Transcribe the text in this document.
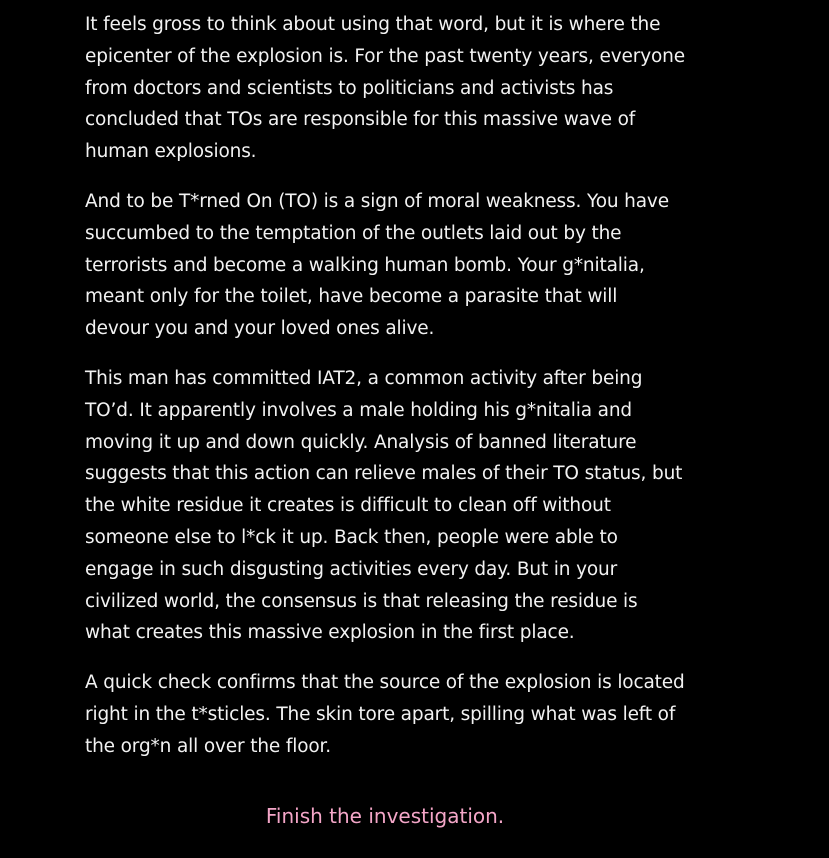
It feels gross to think about using that word, but it is where the epicenter of the explosion is. For the past twenty years, everyone from doctors and scientists to politicians and activists has concluded that TOs are responsible for this massive wave of human explosions.

And to be T*rned On (TO) is a sign of moral weakness. You have succumbed to the temptation of the outlets laid out by the terrorists and become a walking human bomb. Your g*nitalia, meant only for the toilet, have become a parasite that will devour you and your loved ones alive.

This man has committed IAT2, a common activity after being TO’d. It apparently involves a male holding his g*nitalia and moving it up and down quickly. Analysis of banned literature suggests that this action can relieve males of their TO status, but the white residue it creates is difficult to clean off without someone else to l*ck it up. Back then, people were able to engage in such disgusting activities every day. But in your civilized world, the consensus is that releasing the residue is what creates this massive explosion in the first place.

A quick check confirms that the source of the explosion is located right in the t*sticles. The skin tore apart, spilling what was left of the org*n all over the floor.

Finish the investigation.
